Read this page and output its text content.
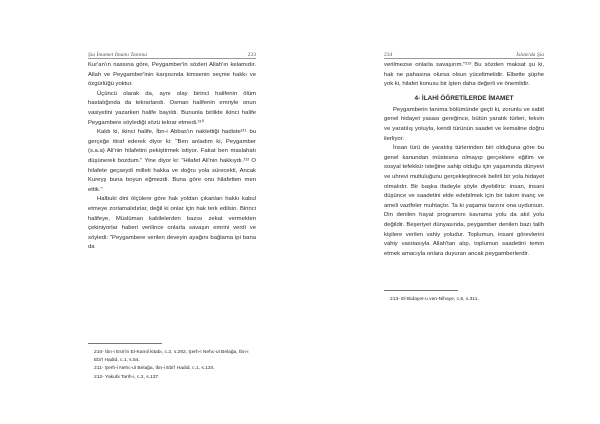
Şia İmamet İmamı Tanıma	233

Kur'an'ın nassına göre, Peygamber'in sözleri Allah'ın kelamıdır. Allah ve Peygamber'inin karşısında kimsenin seçme hakkı ve özgürlüğü yoktur.

Üçüncü olarak da, aynı olay birinci halifenin ölüm hastalığında da tekrarlandı. Osman halifenin emriyle onun vasiyetini yazarken halife bayıldı. Bununla birlikte ikinci halife Peygambere söylediği sözü tekrar etmedi.²¹⁰

Kaldı ki, ikinci halife, İbn-i Abbas'ın naklettiği hadiste²¹¹ bu gerçeğe itiraf ederek diyor ki: "Ben anladım ki, Peygamber (s.a.a) Ali'nin hilafetini pekiştirmek istiyor. Fakat ben maslahatı düşünerek bozdum." Yine diyor ki: "Hilafet Ali'nin hakkıydı.²¹² O hilafete geçseydi milleti hakka ve doğru yola sürecekti, Ancak Kureyş buna boyun eğmezdi. Buna göre onu hilafetten men ettik."

Halbuki dini ölçülere göre hak yoldan çıkanları hakkı kabul etmeye zorlamalıdırlar, değil ki onlar için hak terk edilsin. Birinci halifeye, Müslüman kabilelerden bazısı zekat vermekten çekiniyorlar haberi verilince onlarla savaşın emrini verdi ve söyledi: "Peygambere verilen deveyin ayağını bağlama ipi bana da

210- İbn-i Esir'in El-Kamil kitabı, c.2, s.292, Şerh-i Nehc-ul Belağa, İbn-i Ebi'l Hadid, c.1, s.54.
211- Şerh-i Nehc-ul Belağa, İbn-i Ebi'l Hadid, c.1, s.134.
212- Yakubi Tarih-i, c.2, s.137.
234	İslam'da Şia

verilmezse onlarla savaşırım."²¹³ Bu sözden maksat şu ki, hak ne pahasına olursa olsun yüceltmelidir. Elbette şüphe yok ki, hilafet konusu bir işten daha değerli ve önemlidir.

4- İLAHİ ÖĞRETİLERDE İMAMET

Peygamberin tanıma bölümünde geçti ki, zorunlu ve sabit genel hidayet yasası gereğince, bütün yaratık türleri, tekvin ve yaratılış yoluyla, kendi türünün saadet ve kemaline doğru ilerliyor.

İnsan türü de yaratılış türlerinden biri olduğuna göre bu genel kanundan müstesna olmayıp gerçeklere eğilim ve sosyal tefekkür isteğine sahip olduğu için yaşamında dünyevi ve uhrevi mutluluğunu gerçekleştirecek belirli bir yola hidayet olmalıdır. Bir başka ifadeyle şöyle diyebiliriz: insan, insani düşünce ve saadetini elde edebilmek için bir takım inanç ve ameli vazifeler muhtaçtır. Ta ki yaşama tarzını ona uydursun. Din denilen hayat programını kavrama yolu da akıl yolu değildir. Beşeriyet dünyasında, peygamber denilen bazı talih kişilere verilen vahiy yoludur. Toplumun, insani görevlerini vahiy vasıtasıyla Allah'tan alıp, toplumun saadetini temin etmek amacıyla onlara duyuran ancak peygamberlerdir.

213- El-Bidayet-u ven-Nihaye, c.6, s.311.
